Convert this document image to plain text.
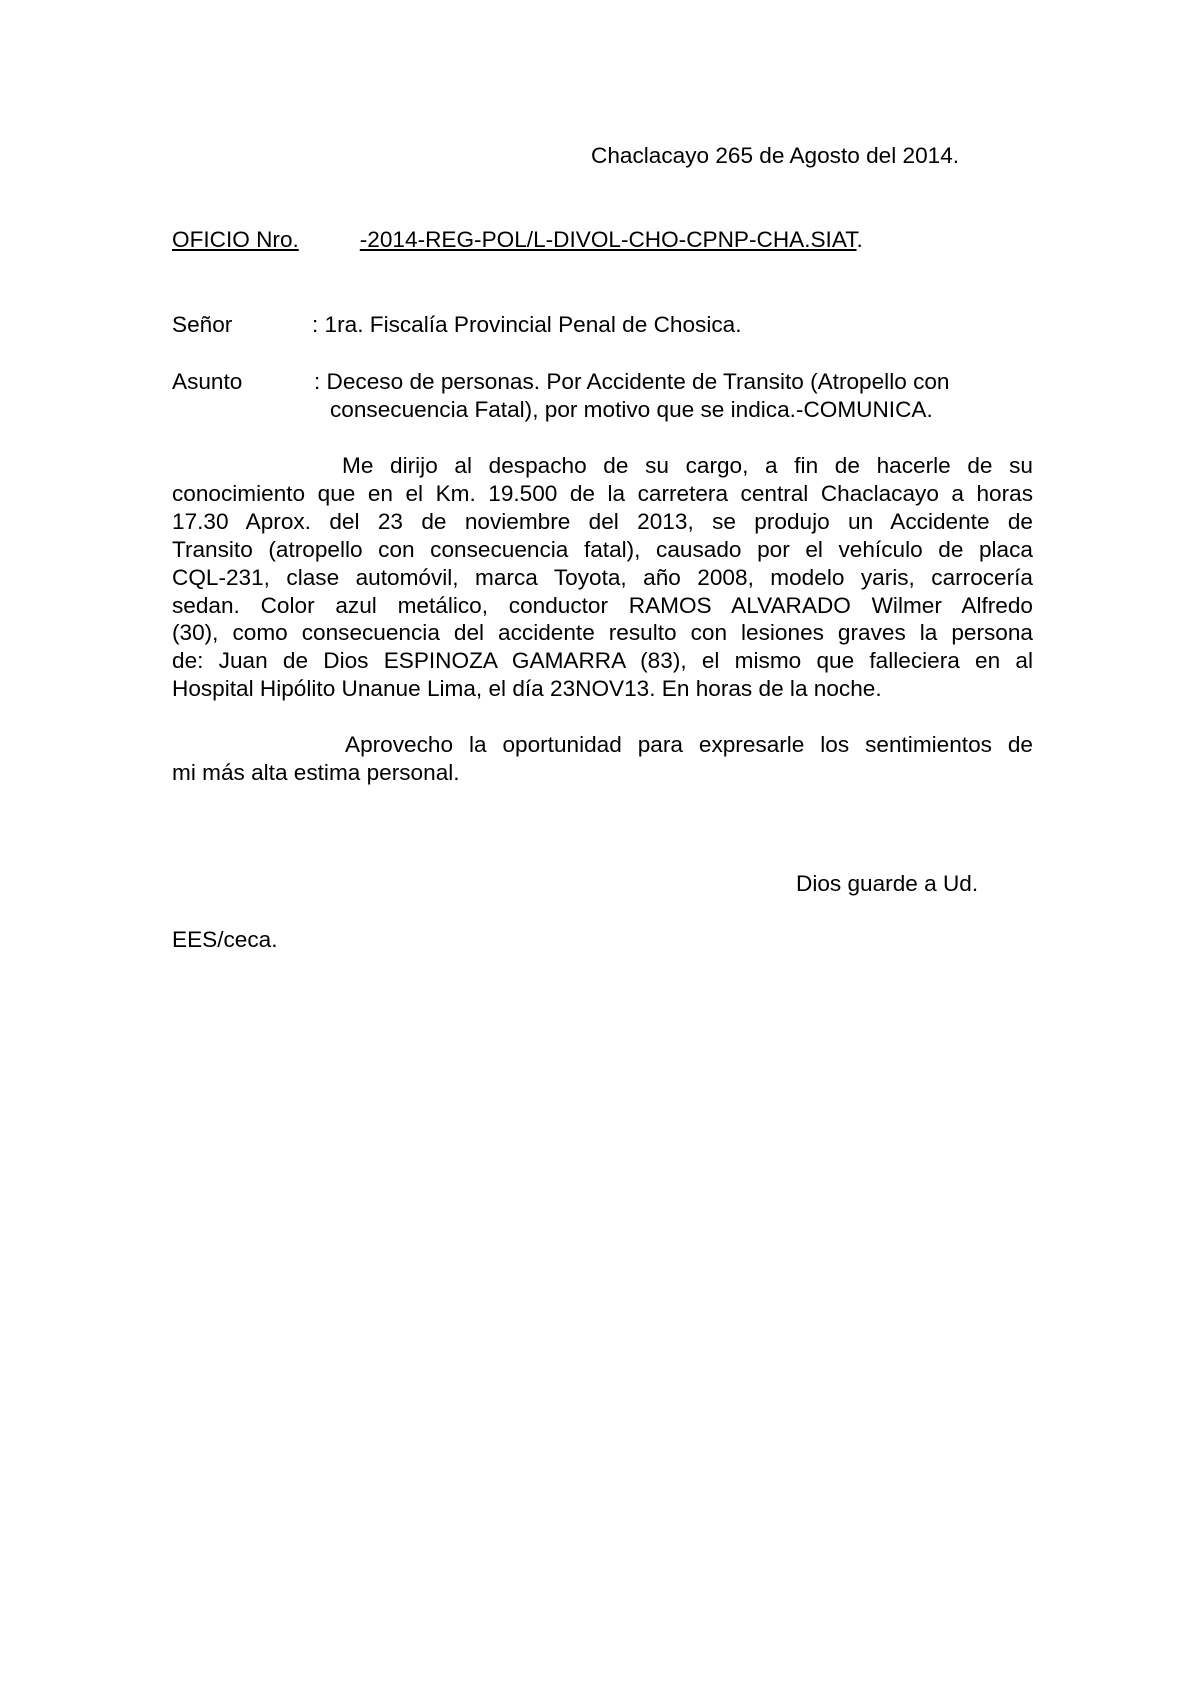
Chaclacayo 265 de Agosto del 2014.
OFICIO Nro.	-2014-REG-POL/L-DIVOL-CHO-CPNP-CHA.SIAT.
Señor	: 1ra. Fiscalía Provincial Penal de Chosica.
Asunto	: Deceso de personas. Por Accidente de Transito (Atropello con
consecuencia Fatal), por motivo que se indica.-COMUNICA.
Me dirijo al despacho de su cargo, a fin de hacerle de su
conocimiento que en el Km. 19.500 de la carretera central Chaclacayo a horas
17.30 Aprox. del 23 de noviembre del 2013, se produjo un Accidente de
Transito (atropello con consecuencia fatal), causado por el vehículo de placa
CQL-231, clase automóvil, marca Toyota, año 2008, modelo yaris, carrocería
sedan. Color azul metálico, conductor RAMOS ALVARADO Wilmer Alfredo
(30), como consecuencia del accidente resulto con lesiones graves la persona
de: Juan de Dios ESPINOZA GAMARRA (83), el mismo que falleciera en al
Hospital Hipólito Unanue Lima, el día 23NOV13. En horas de la noche.
Aprovecho la oportunidad para expresarle los sentimientos de
mi más alta estima personal.
Dios guarde a Ud.
EES/ceca.
